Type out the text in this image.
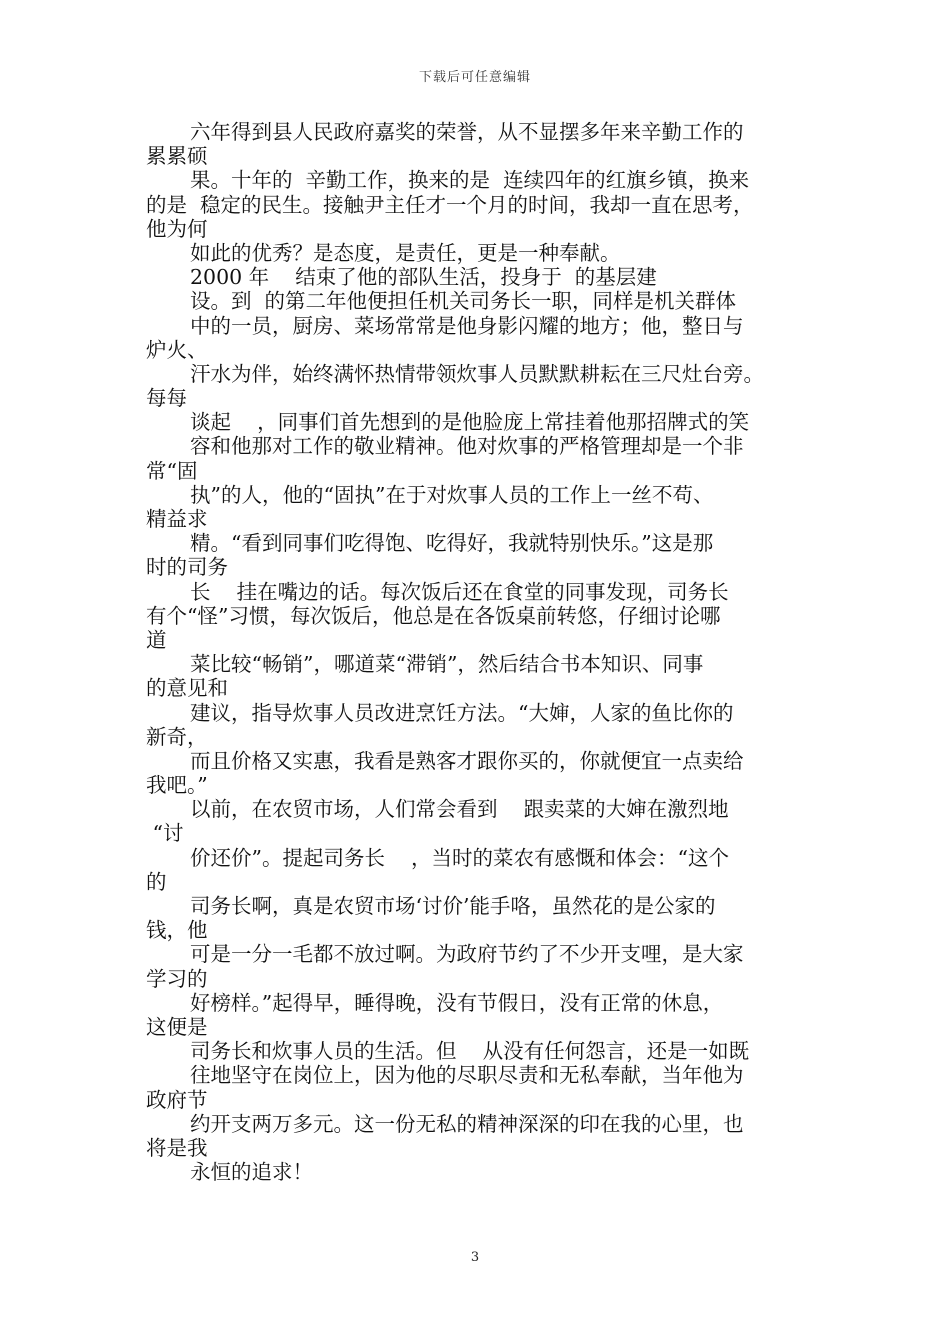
下载后可任意编辑
六年得到县人民政府嘉奖的荣誉，从不显摆多年来辛勤工作的
累累硕
果。十年的  辛勤工作，换来的是  连续四年的红旗乡镇，换来
的是  稳定的民生。接触尹主任才一个月的时间，我却一直在思考，
他为何
如此的优秀？是态度，是责任，更是一种奉献。
2000 年    结束了他的部队生活，投身于  的基层建
设。到  的第二年他便担任机关司务长一职，同样是机关群体
中的一员，厨房、菜场常常是他身影闪耀的地方；他，整日与
炉火、
汗水为伴，始终满怀热情带领炊事人员默默耕耘在三尺灶台旁。
每每
谈起    ，同事们首先想到的是他脸庞上常挂着他那招牌式的笑
容和他那对工作的敬业精神。他对炊事的严格管理却是一个非
常“固
执”的人，他的“固执”在于对炊事人员的工作上一丝不苟、
精益求
精。“看到同事们吃得饱、吃得好，我就特别快乐。”这是那
时的司务
长    挂在嘴边的话。每次饭后还在食堂的同事发现，司务长
有个“怪”习惯，每次饭后，他总是在各饭桌前转悠，仔细讨论哪
道
菜比较“畅销”，哪道菜“滞销”，然后结合书本知识、同事
的意见和
建议，指导炊事人员改进烹饪方法。“大婶，人家的鱼比你的
新奇，
而且价格又实惠，我看是熟客才跟你买的，你就便宜一点卖给
我吧。”
以前，在农贸市场，人们常会看到    跟卖菜的大婶在激烈地
“讨
价还价”。提起司务长    ，当时的菜农有感慨和体会：“这个
的
司务长啊，真是农贸市场‘讨价’能手咯，虽然花的是公家的
钱，他
可是一分一毛都不放过啊。为政府节约了不少开支哩，是大家
学习的
好榜样。”起得早，睡得晚，没有节假日，没有正常的休息，
这便是
司务长和炊事人员的生活。但    从没有任何怨言，还是一如既
往地坚守在岗位上，因为他的尽职尽责和无私奉献，当年他为
政府节
约开支两万多元。这一份无私的精神深深的印在我的心里，也
将是我
永恒的追求！
3
